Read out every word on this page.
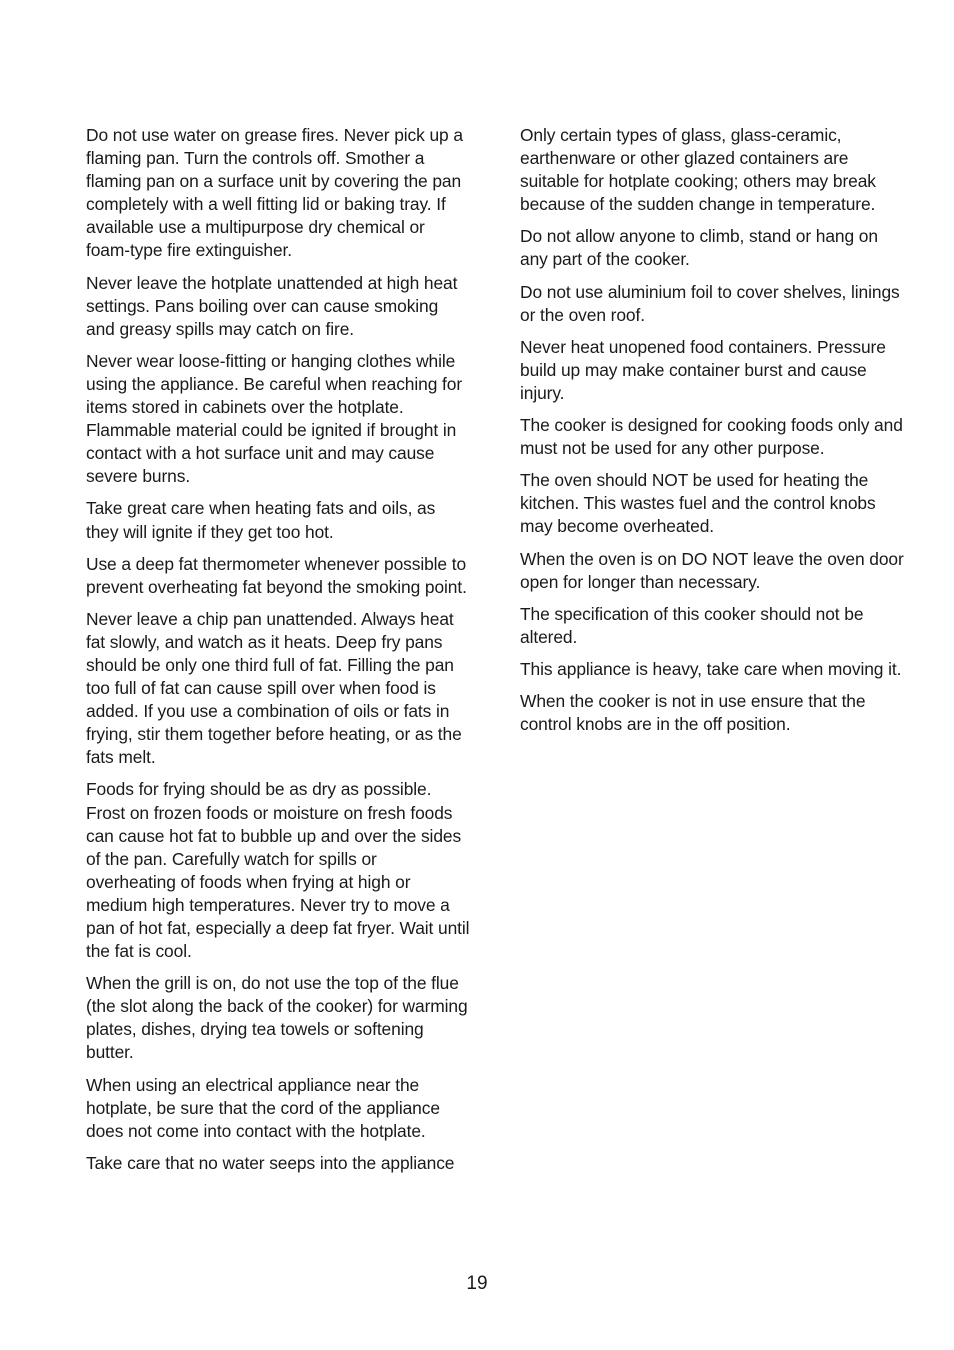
Do not use water on grease fires. Never pick up a flaming pan. Turn the controls off. Smother a flaming pan on a surface unit by covering the pan completely with a well fitting lid or baking tray. If available use a multipurpose dry chemical or foam-type fire extinguisher.

Never leave the hotplate unattended at high heat settings. Pans boiling over can cause smoking and greasy spills may catch on fire.

Never wear loose-fitting or hanging clothes while using the appliance. Be careful when reaching for items stored in cabinets over the hotplate. Flammable material could be ignited if brought in contact with a hot surface unit and may cause severe burns.

Take great care when heating fats and oils, as they will ignite if they get too hot.

Use a deep fat thermometer whenever possible to prevent overheating fat beyond the smoking point.

Never leave a chip pan unattended. Always heat fat slowly, and watch as it heats. Deep fry pans should be only one third full of fat. Filling the pan too full of fat can cause spill over when food is added. If you use a combination of oils or fats in frying, stir them together before heating, or as the fats melt.

Foods for frying should be as dry as possible. Frost on frozen foods or moisture on fresh foods can cause hot fat to bubble up and over the sides of the pan. Carefully watch for spills or overheating of foods when frying at high or medium high temperatures. Never try to move a pan of hot fat, especially a deep fat fryer. Wait until the fat is cool.

When the grill is on, do not use the top of the flue (the slot along the back of the cooker) for warming plates, dishes, drying tea towels or softening butter.

When using an electrical appliance near the hotplate, be sure that the cord of the appliance does not come into contact with the hotplate.

Take care that no water seeps into the appliance

Only certain types of glass, glass-ceramic, earthenware or other glazed containers are suitable for hotplate cooking; others may break because of the sudden change in temperature.

Do not allow anyone to climb, stand or hang on any part of the cooker.

Do not use aluminium foil to cover shelves, linings or the oven roof.

Never heat unopened food containers. Pressure build up may make container burst and cause injury.

The cooker is designed for cooking foods only and must not be used for any other purpose.

The oven should NOT be used for heating the kitchen. This wastes fuel and the control knobs may become overheated.

When the oven is on DO NOT leave the oven door open for longer than necessary.

The specification of this cooker should not be altered.

This appliance is heavy, take care when moving it.

When the cooker is not in use ensure that the control knobs are in the off position.

19
